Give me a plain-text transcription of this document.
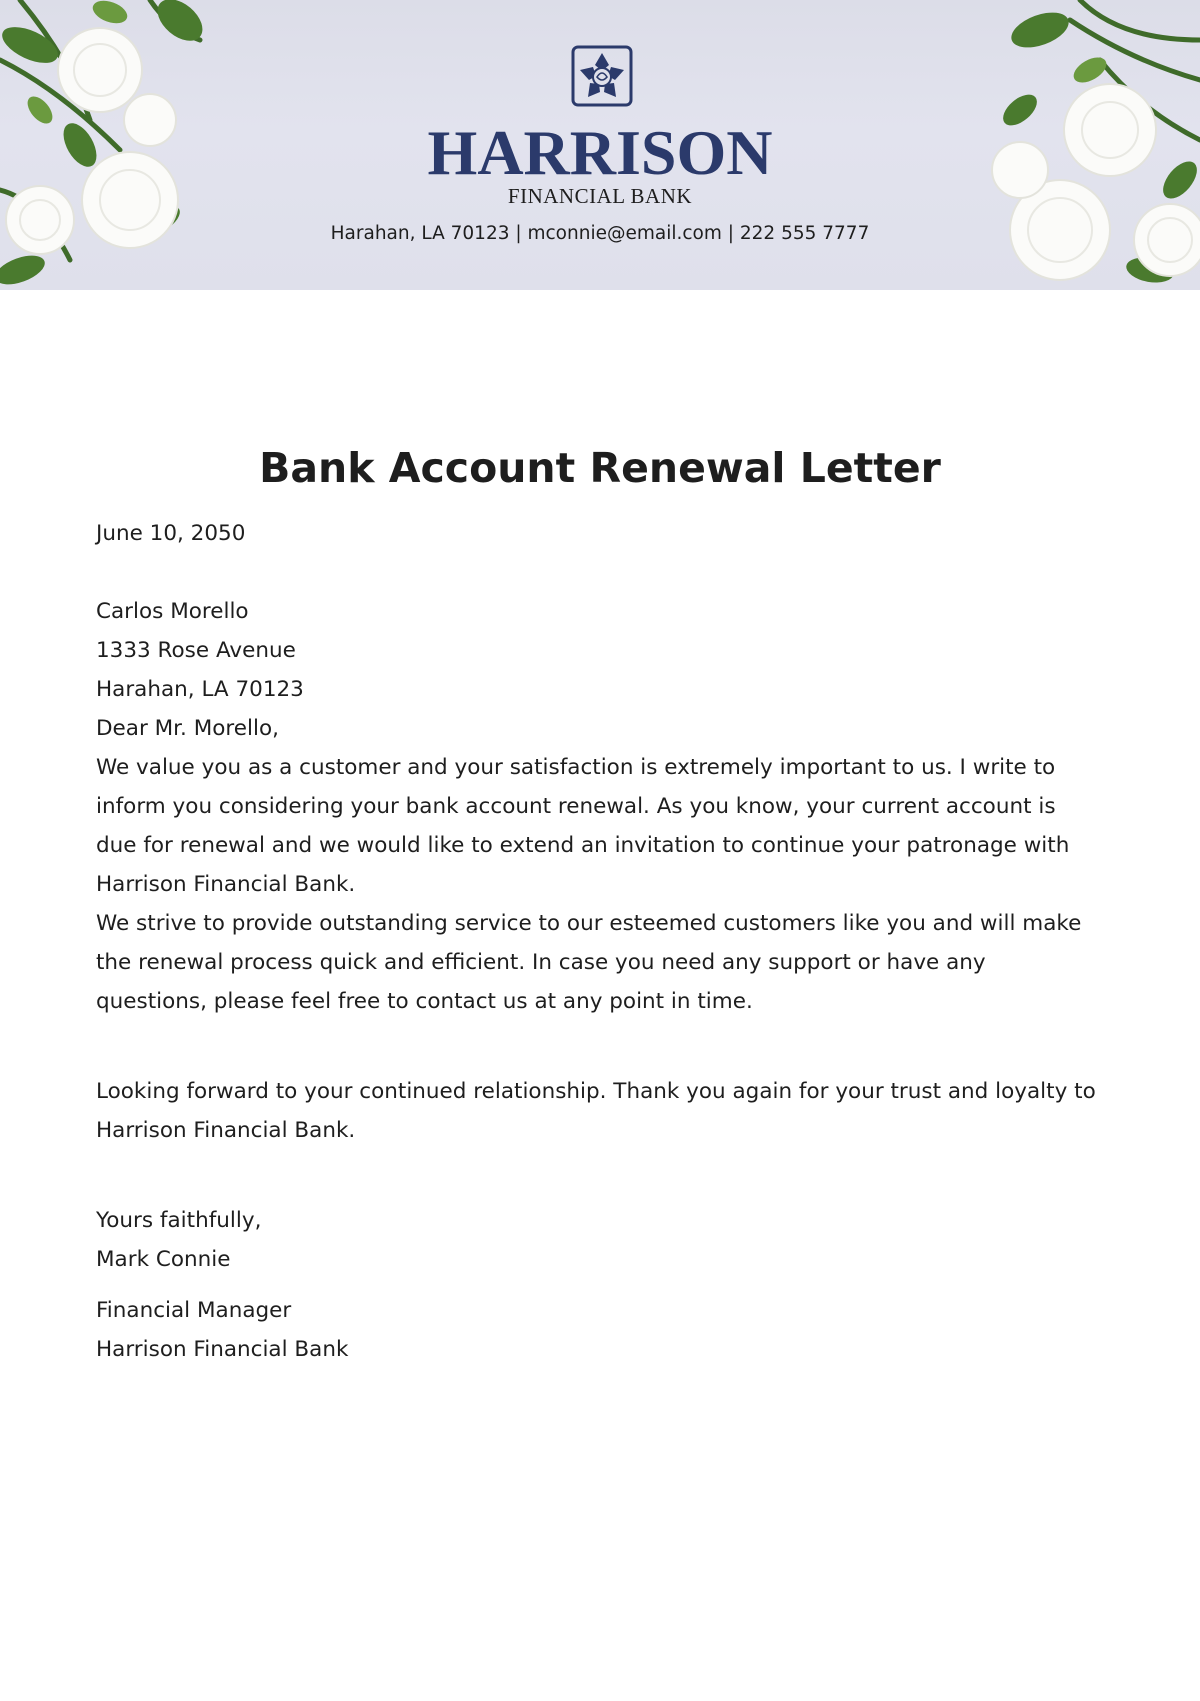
HARRISON
FINANCIAL BANK
Harahan, LA 70123 | mconnie@email.com | 222 555 7777
Bank Account Renewal Letter

June 10, 2050

Carlos Morello

1333 Rose Avenue

Harahan, LA 70123

Dear Mr. Morello,

We value you as a customer and your satisfaction is extremely important to us. I write to inform you considering your bank account renewal. As you know, your current account is due for renewal and we would like to extend an invitation to continue your patronage with Harrison Financial Bank.

We strive to provide outstanding service to our esteemed customers like you and will make the renewal process quick and efficient. In case you need any support or have any questions, please feel free to contact us at any point in time.

Looking forward to your continued relationship. Thank you again for your trust and loyalty to Harrison Financial Bank.

Yours faithfully,

Mark Connie

Financial Manager

Harrison Financial Bank
